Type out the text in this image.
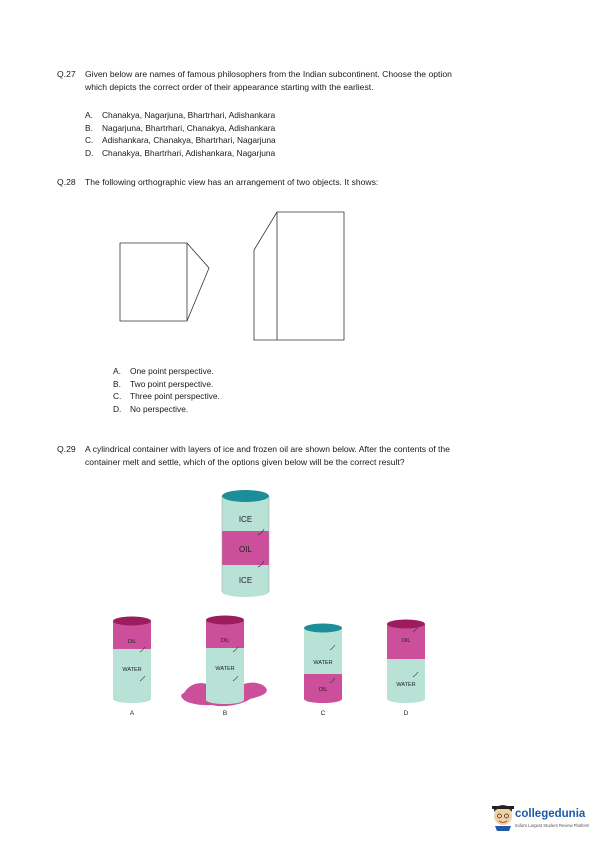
Q.27 Given below are names of famous philosophers from the Indian subcontinent. Choose the option
which depicts the correct order of their appearance starting with the earliest.
A. Chanakya, Nagarjuna, Bhartrhari, Adishankara
B. Nagarjuna, Bhartrhari, Chanakya, Adishankara
C. Adishankara, Chanakya, Bhartrhari, Nagarjuna
D. Chanakya, Bhartrhari, Adishankara, Nagarjuna
Q.28 The following orthographic view has an arrangement of two objects. It shows:
ICE
OIL
ICE
OIL
WATER
A
OIL
WATER
B
WATER
OIL
C
OIL
WATER
D
A. One point perspective.
B. Two point perspective.
C. Three point perspective.
D. No perspective.
Q.29 A cylindrical container with layers of ice and frozen oil are shown below. After the contents of the
container melt and settle, which of the options given below will be the correct result?
collegedunia
India's Largest Student Review Platform
